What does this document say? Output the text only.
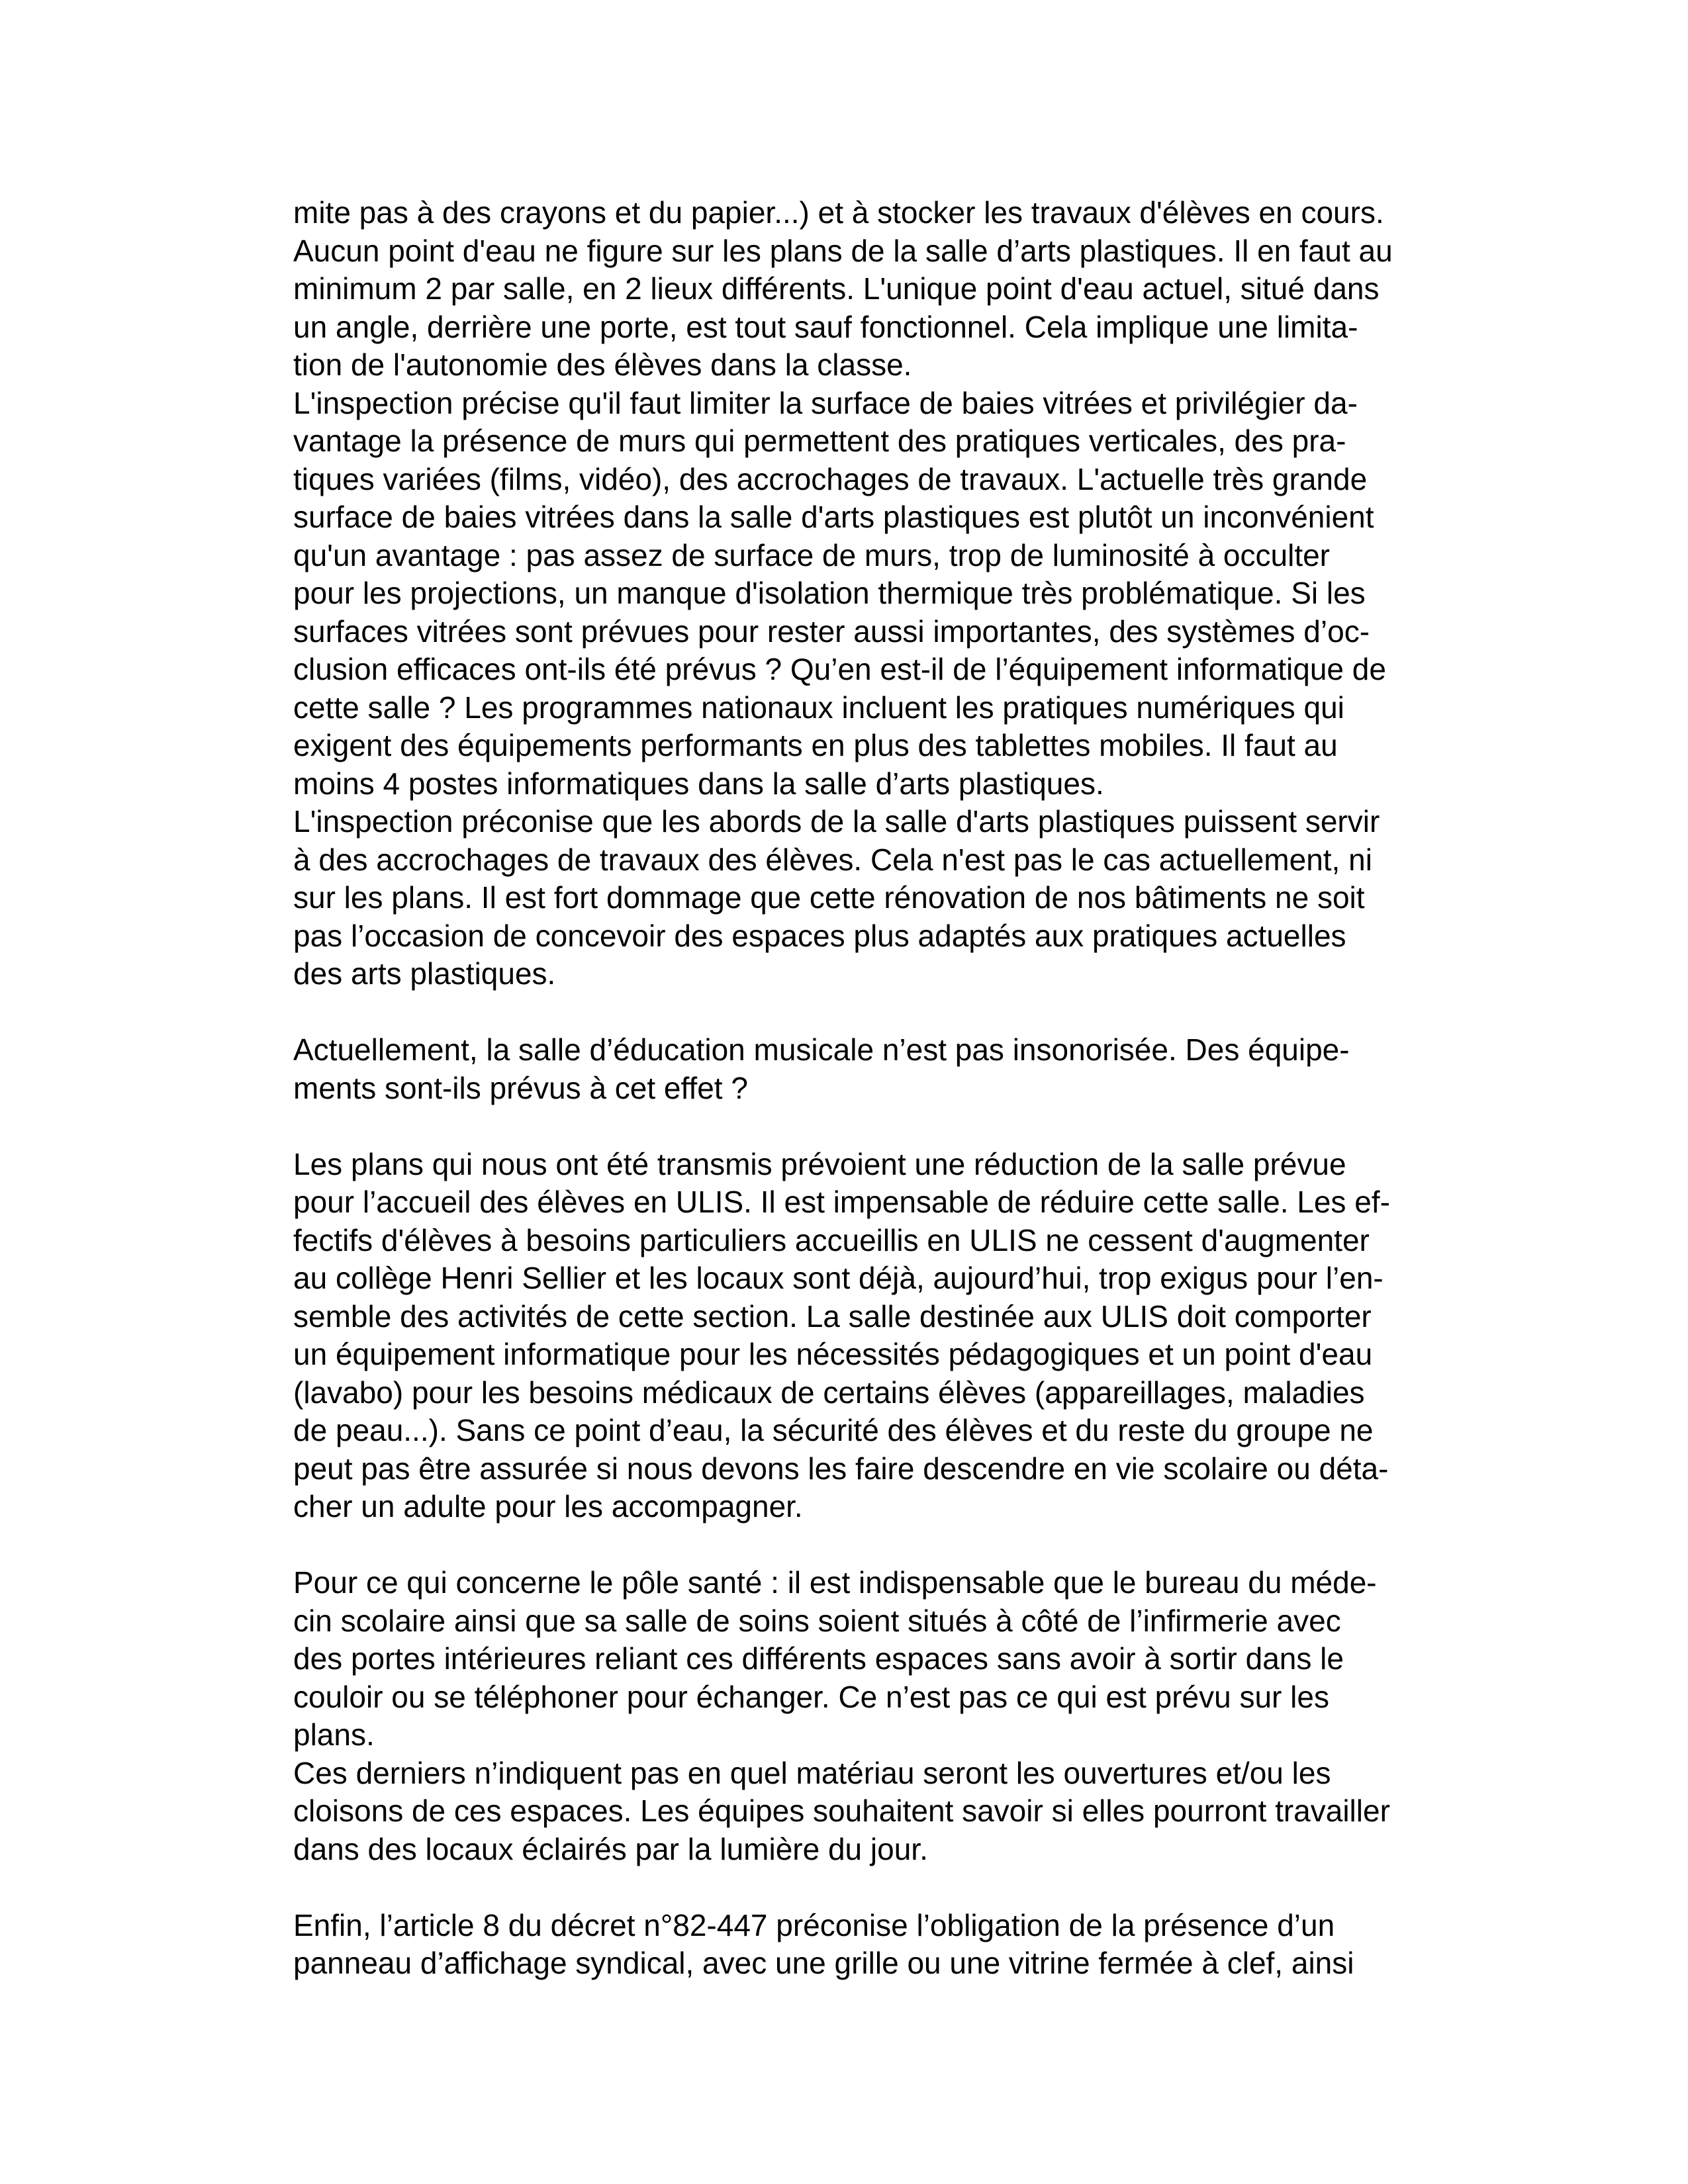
mite pas à des crayons et du papier...) et à stocker les travaux d'élèves en cours.
Aucun point d'eau ne figure sur les plans de la salle d’arts plastiques. Il en faut au
minimum 2 par salle, en 2 lieux différents. L'unique point d'eau actuel, situé dans
un angle, derrière une porte, est tout sauf fonctionnel. Cela implique une limita-
tion de l'autonomie des élèves dans la classe.
L'inspection précise qu'il faut limiter la surface de baies vitrées et privilégier da-
vantage la présence de murs qui permettent des pratiques verticales, des pra-
tiques variées (films, vidéo), des accrochages de travaux. L'actuelle très grande
surface de baies vitrées dans la salle d'arts plastiques est plutôt un inconvénient
qu'un avantage : pas assez de surface de murs, trop de luminosité à occulter
pour les projections, un manque d'isolation thermique très problématique. Si les
surfaces vitrées sont prévues pour rester aussi importantes, des systèmes d’oc-
clusion efficaces ont-ils été prévus ? Qu’en est-il de l’équipement informatique de
cette salle ? Les programmes nationaux incluent les pratiques numériques qui
exigent des équipements performants en plus des tablettes mobiles. Il faut au
moins 4 postes informatiques dans la salle d’arts plastiques.
L'inspection préconise que les abords de la salle d'arts plastiques puissent servir
à des accrochages de travaux des élèves. Cela n'est pas le cas actuellement, ni
sur les plans. Il est fort dommage que cette rénovation de nos bâtiments ne soit
pas l’occasion de concevoir des espaces plus adaptés aux pratiques actuelles
des arts plastiques.
Actuellement, la salle d’éducation musicale n’est pas insonorisée. Des équipe-
ments sont-ils prévus à cet effet ?
Les plans qui nous ont été transmis prévoient une réduction de la salle prévue
pour l’accueil des élèves en ULIS. Il est impensable de réduire cette salle. Les ef-
fectifs d'élèves à besoins particuliers accueillis en ULIS ne cessent d'augmenter
au collège Henri Sellier et les locaux sont déjà, aujourd’hui, trop exigus pour l’en-
semble des activités de cette section. La salle destinée aux ULIS doit comporter
un équipement informatique pour les nécessités pédagogiques et un point d'eau
(lavabo) pour les besoins médicaux de certains élèves (appareillages, maladies
de peau...). Sans ce point d’eau, la sécurité des élèves et du reste du groupe ne
peut pas être assurée si nous devons les faire descendre en vie scolaire ou déta-
cher un adulte pour les accompagner.
Pour ce qui concerne le pôle santé : il est indispensable que le bureau du méde-
cin scolaire ainsi que sa salle de soins soient situés à côté de l’infirmerie avec
des portes intérieures reliant ces différents espaces sans avoir à sortir dans le
couloir ou se téléphoner pour échanger. Ce n’est pas ce qui est prévu sur les
plans.
Ces derniers n’indiquent pas en quel matériau seront les ouvertures et/ou les
cloisons de ces espaces. Les équipes souhaitent savoir si elles pourront travailler
dans des locaux éclairés par la lumière du jour.
Enfin, l’article 8 du décret n°82-447 préconise l’obligation de la présence d’un
panneau d’affichage syndical, avec une grille ou une vitrine fermée à clef, ainsi
